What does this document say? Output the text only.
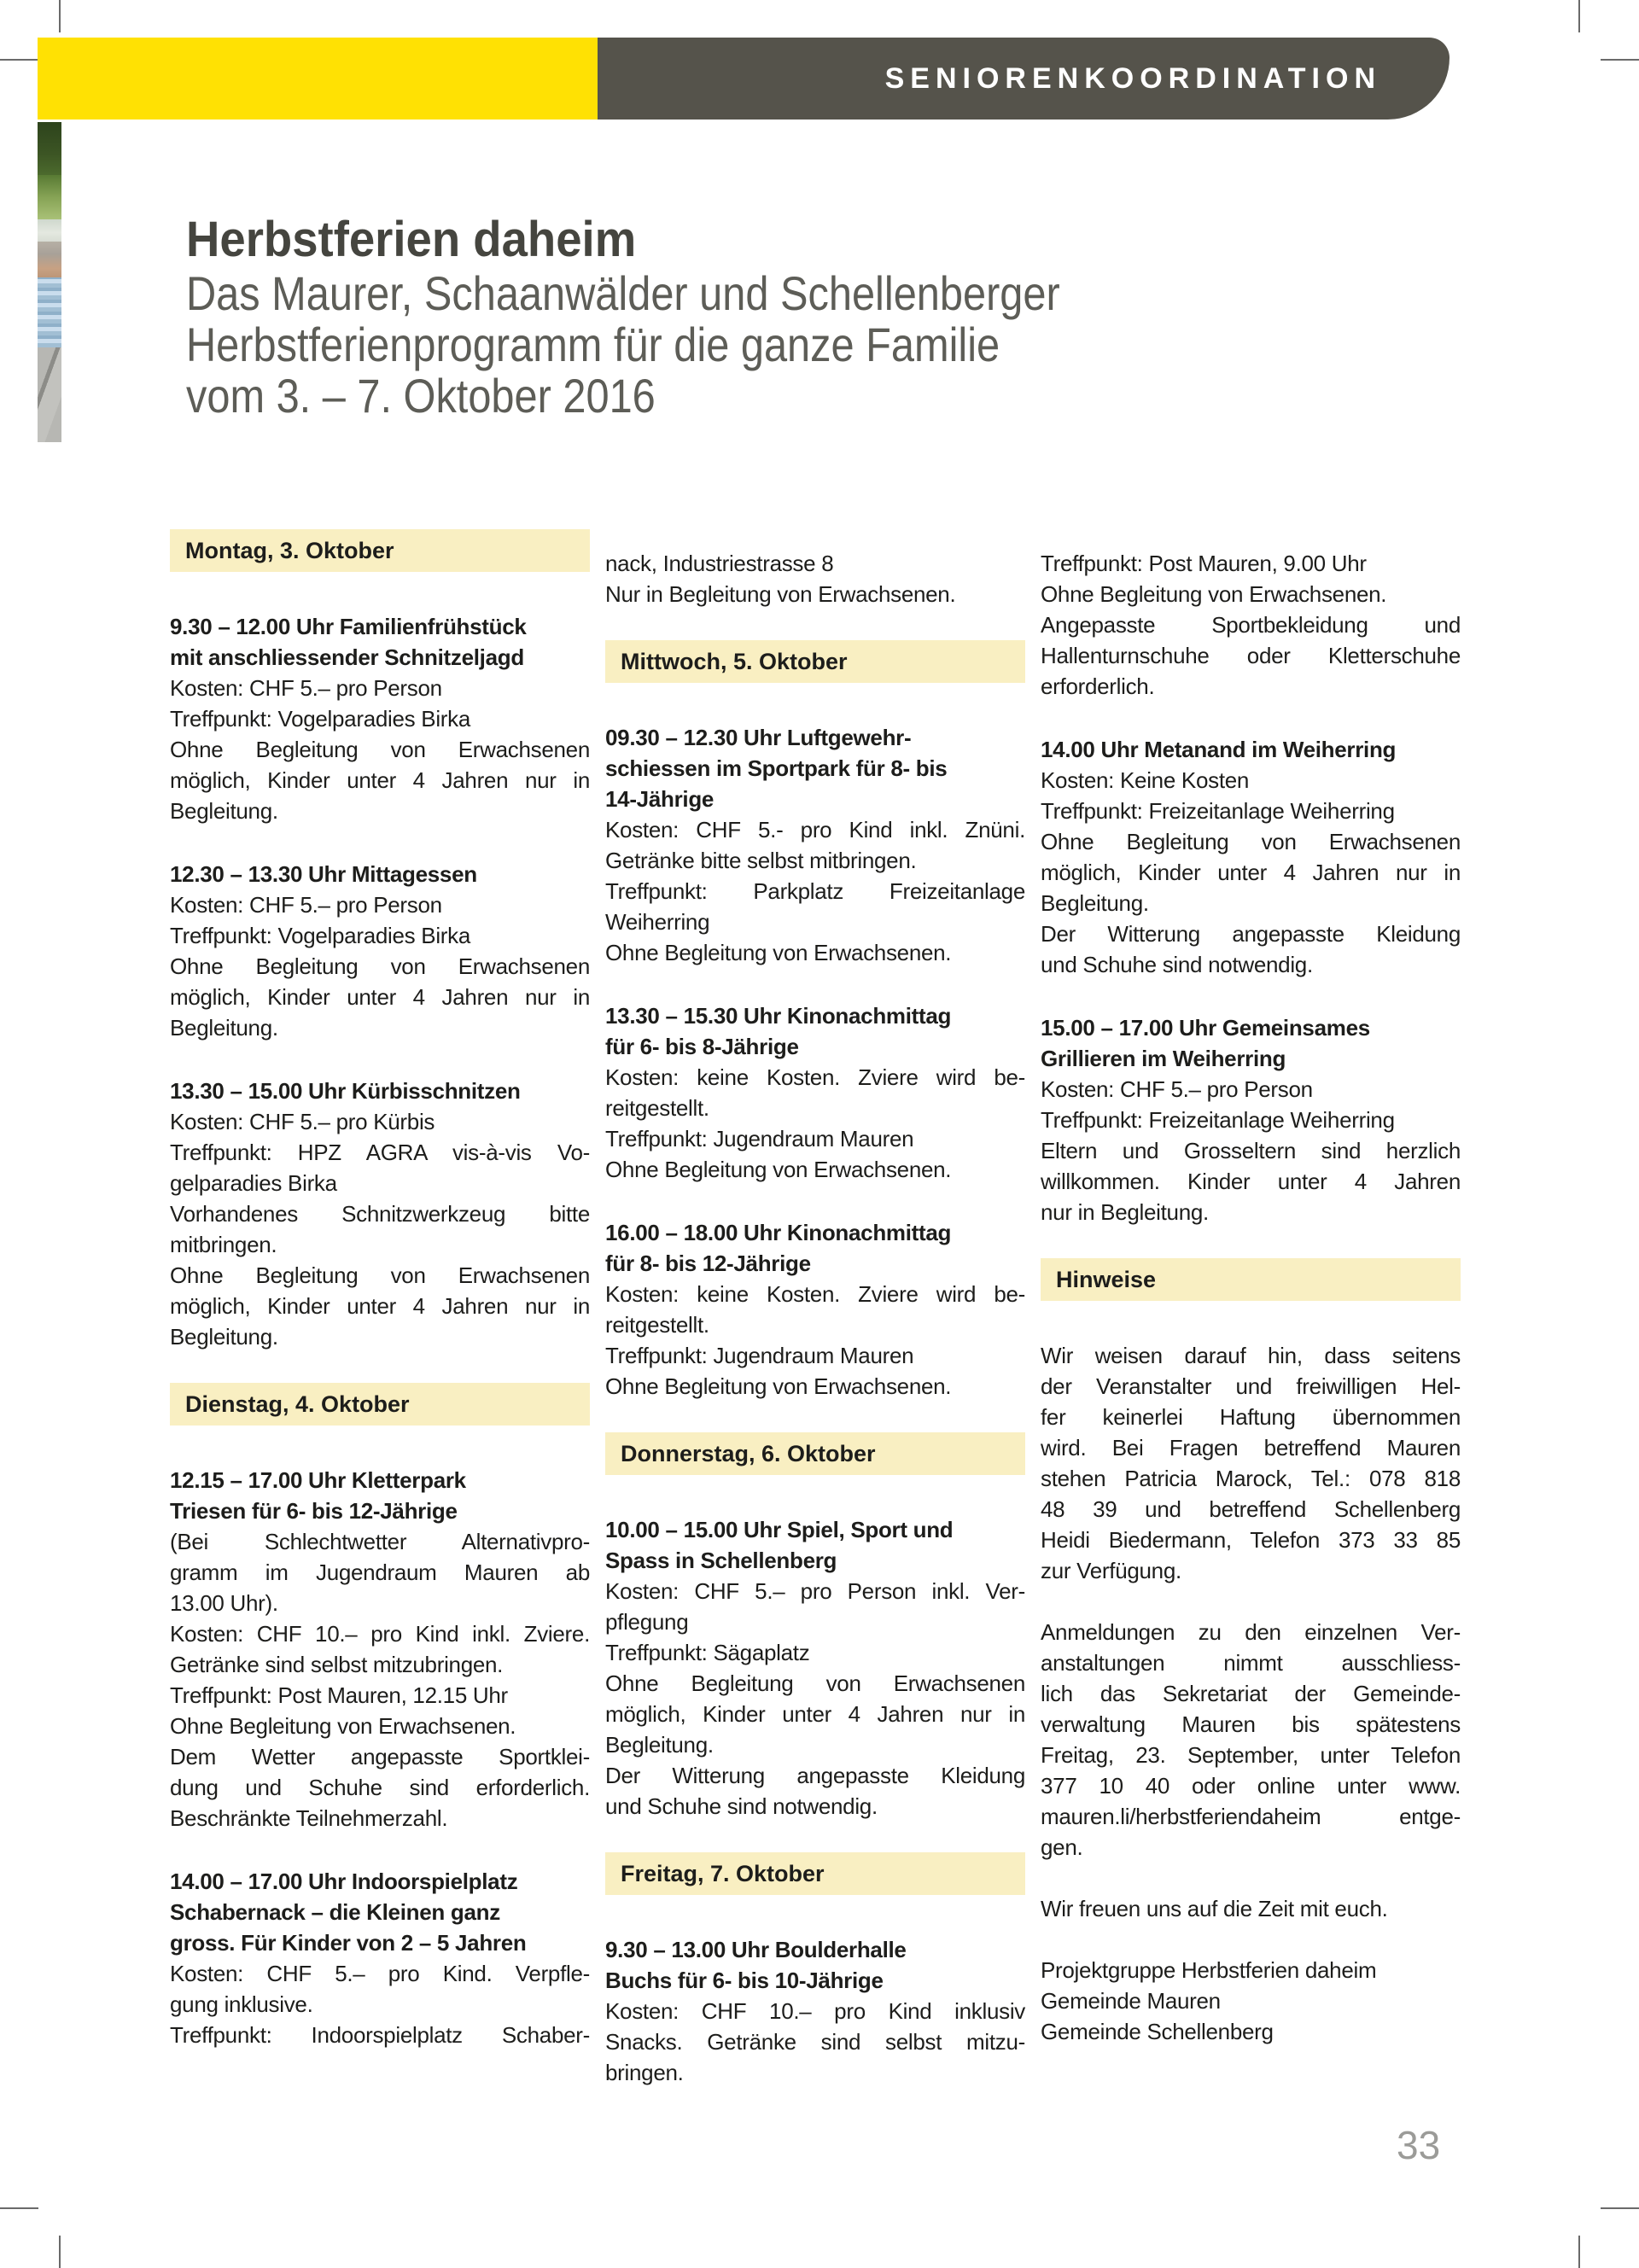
SENIORENKOORDINATION
Herbstferien daheim
Das Maurer, Schaanwälder und Schellenberger
Herbstferienprogramm für die ganze Familie
vom 3. – 7. Oktober 2016
Montag, 3. Oktober
9.30 – 12.00 Uhr Familienfrühstück
mit anschliessender Schnitzeljagd
Kosten: CHF 5.– pro Person
Treffpunkt: Vogelparadies Birka
Ohne Begleitung von Erwachsenen
möglich, Kinder unter 4 Jahren nur in
Begleitung.
12.30 – 13.30 Uhr Mittagessen
Kosten: CHF 5.– pro Person
Treffpunkt: Vogelparadies Birka
Ohne Begleitung von Erwachsenen
möglich, Kinder unter 4 Jahren nur in
Begleitung.
13.30 – 15.00 Uhr Kürbisschnitzen
Kosten: CHF 5.– pro Kürbis
Treffpunkt: HPZ AGRA vis-à-vis Vo-
gelparadies Birka
Vorhandenes Schnitzwerkzeug bitte
mitbringen.
Ohne Begleitung von Erwachsenen
möglich, Kinder unter 4 Jahren nur in
Begleitung.
Dienstag, 4. Oktober
12.15 – 17.00 Uhr Kletterpark
Triesen für 6- bis 12-Jährige
(Bei Schlechtwetter Alternativpro-
gramm im Jugendraum Mauren ab
13.00 Uhr).
Kosten: CHF 10.– pro Kind inkl. Zviere.
Getränke sind selbst mitzubringen.
Treffpunkt: Post Mauren, 12.15 Uhr
Ohne Begleitung von Erwachsenen.
Dem Wetter angepasste Sportklei-
dung und Schuhe sind erforderlich.
Beschränkte Teilnehmerzahl.
14.00 – 17.00 Uhr Indoorspielplatz
Schabernack – die Kleinen ganz
gross. Für Kinder von 2 – 5 Jahren
Kosten: CHF 5.– pro Kind. Verpfle-
gung inklusive.
Treffpunkt: Indoorspielplatz Schaber-
nack, Industriestrasse 8
Nur in Begleitung von Erwachsenen.
Mittwoch, 5. Oktober
09.30 – 12.30 Uhr Luftgewehr-
schiessen im Sportpark für 8- bis
14-Jährige
Kosten: CHF 5.- pro Kind inkl. Znüni.
Getränke bitte selbst mitbringen.
Treffpunkt: Parkplatz Freizeitanlage
Weiherring
Ohne Begleitung von Erwachsenen.
13.30 – 15.30 Uhr Kinonachmittag
für 6- bis 8-Jährige
Kosten: keine Kosten. Zviere wird be-
reitgestellt.
Treffpunkt: Jugendraum Mauren
Ohne Begleitung von Erwachsenen.
16.00 – 18.00 Uhr Kinonachmittag
für 8- bis 12-Jährige
Kosten: keine Kosten. Zviere wird be-
reitgestellt.
Treffpunkt: Jugendraum Mauren
Ohne Begleitung von Erwachsenen.
Donnerstag, 6. Oktober
10.00 – 15.00 Uhr Spiel, Sport und
Spass in Schellenberg
Kosten: CHF 5.– pro Person inkl. Ver-
pflegung
Treffpunkt: Sägaplatz
Ohne Begleitung von Erwachsenen
möglich, Kinder unter 4 Jahren nur in
Begleitung.
Der Witterung angepasste Kleidung
und Schuhe sind notwendig.
Freitag, 7. Oktober
9.30 – 13.00 Uhr Boulderhalle
Buchs für 6- bis 10-Jährige
Kosten: CHF 10.– pro Kind inklusiv
Snacks. Getränke sind selbst mitzu-
bringen.
Treffpunkt: Post Mauren, 9.00 Uhr
Ohne Begleitung von Erwachsenen.
Angepasste Sportbekleidung und
Hallenturnschuhe oder Kletterschuhe
erforderlich.
14.00 Uhr Metanand im Weiherring
Kosten: Keine Kosten
Treffpunkt: Freizeitanlage Weiherring
Ohne Begleitung von Erwachsenen
möglich, Kinder unter 4 Jahren nur in
Begleitung.
Der Witterung angepasste Kleidung
und Schuhe sind notwendig.
15.00 – 17.00 Uhr Gemeinsames
Grillieren im Weiherring
Kosten: CHF 5.– pro Person
Treffpunkt: Freizeitanlage Weiherring
Eltern und Grosseltern sind herzlich
willkommen. Kinder unter 4 Jahren
nur in Begleitung.
Hinweise
Wir weisen darauf hin, dass seitens
der Veranstalter und freiwilligen Hel-
fer keinerlei Haftung übernommen
wird. Bei Fragen betreffend Mauren
stehen Patricia Marock, Tel.: 078 818
48 39 und betreffend Schellenberg
Heidi Biedermann, Telefon 373 33 85
zur Verfügung.
Anmeldungen zu den einzelnen Ver-
anstaltungen nimmt ausschliess-
lich das Sekretariat der Gemeinde-
verwaltung Mauren bis spätestens
Freitag, 23. September, unter Telefon
377 10 40 oder online unter www.
mauren.li/herbstferiendaheim entge-
gen.
Wir freuen uns auf die Zeit mit euch.
Projektgruppe Herbstferien daheim
Gemeinde Mauren
Gemeinde Schellenberg
33
